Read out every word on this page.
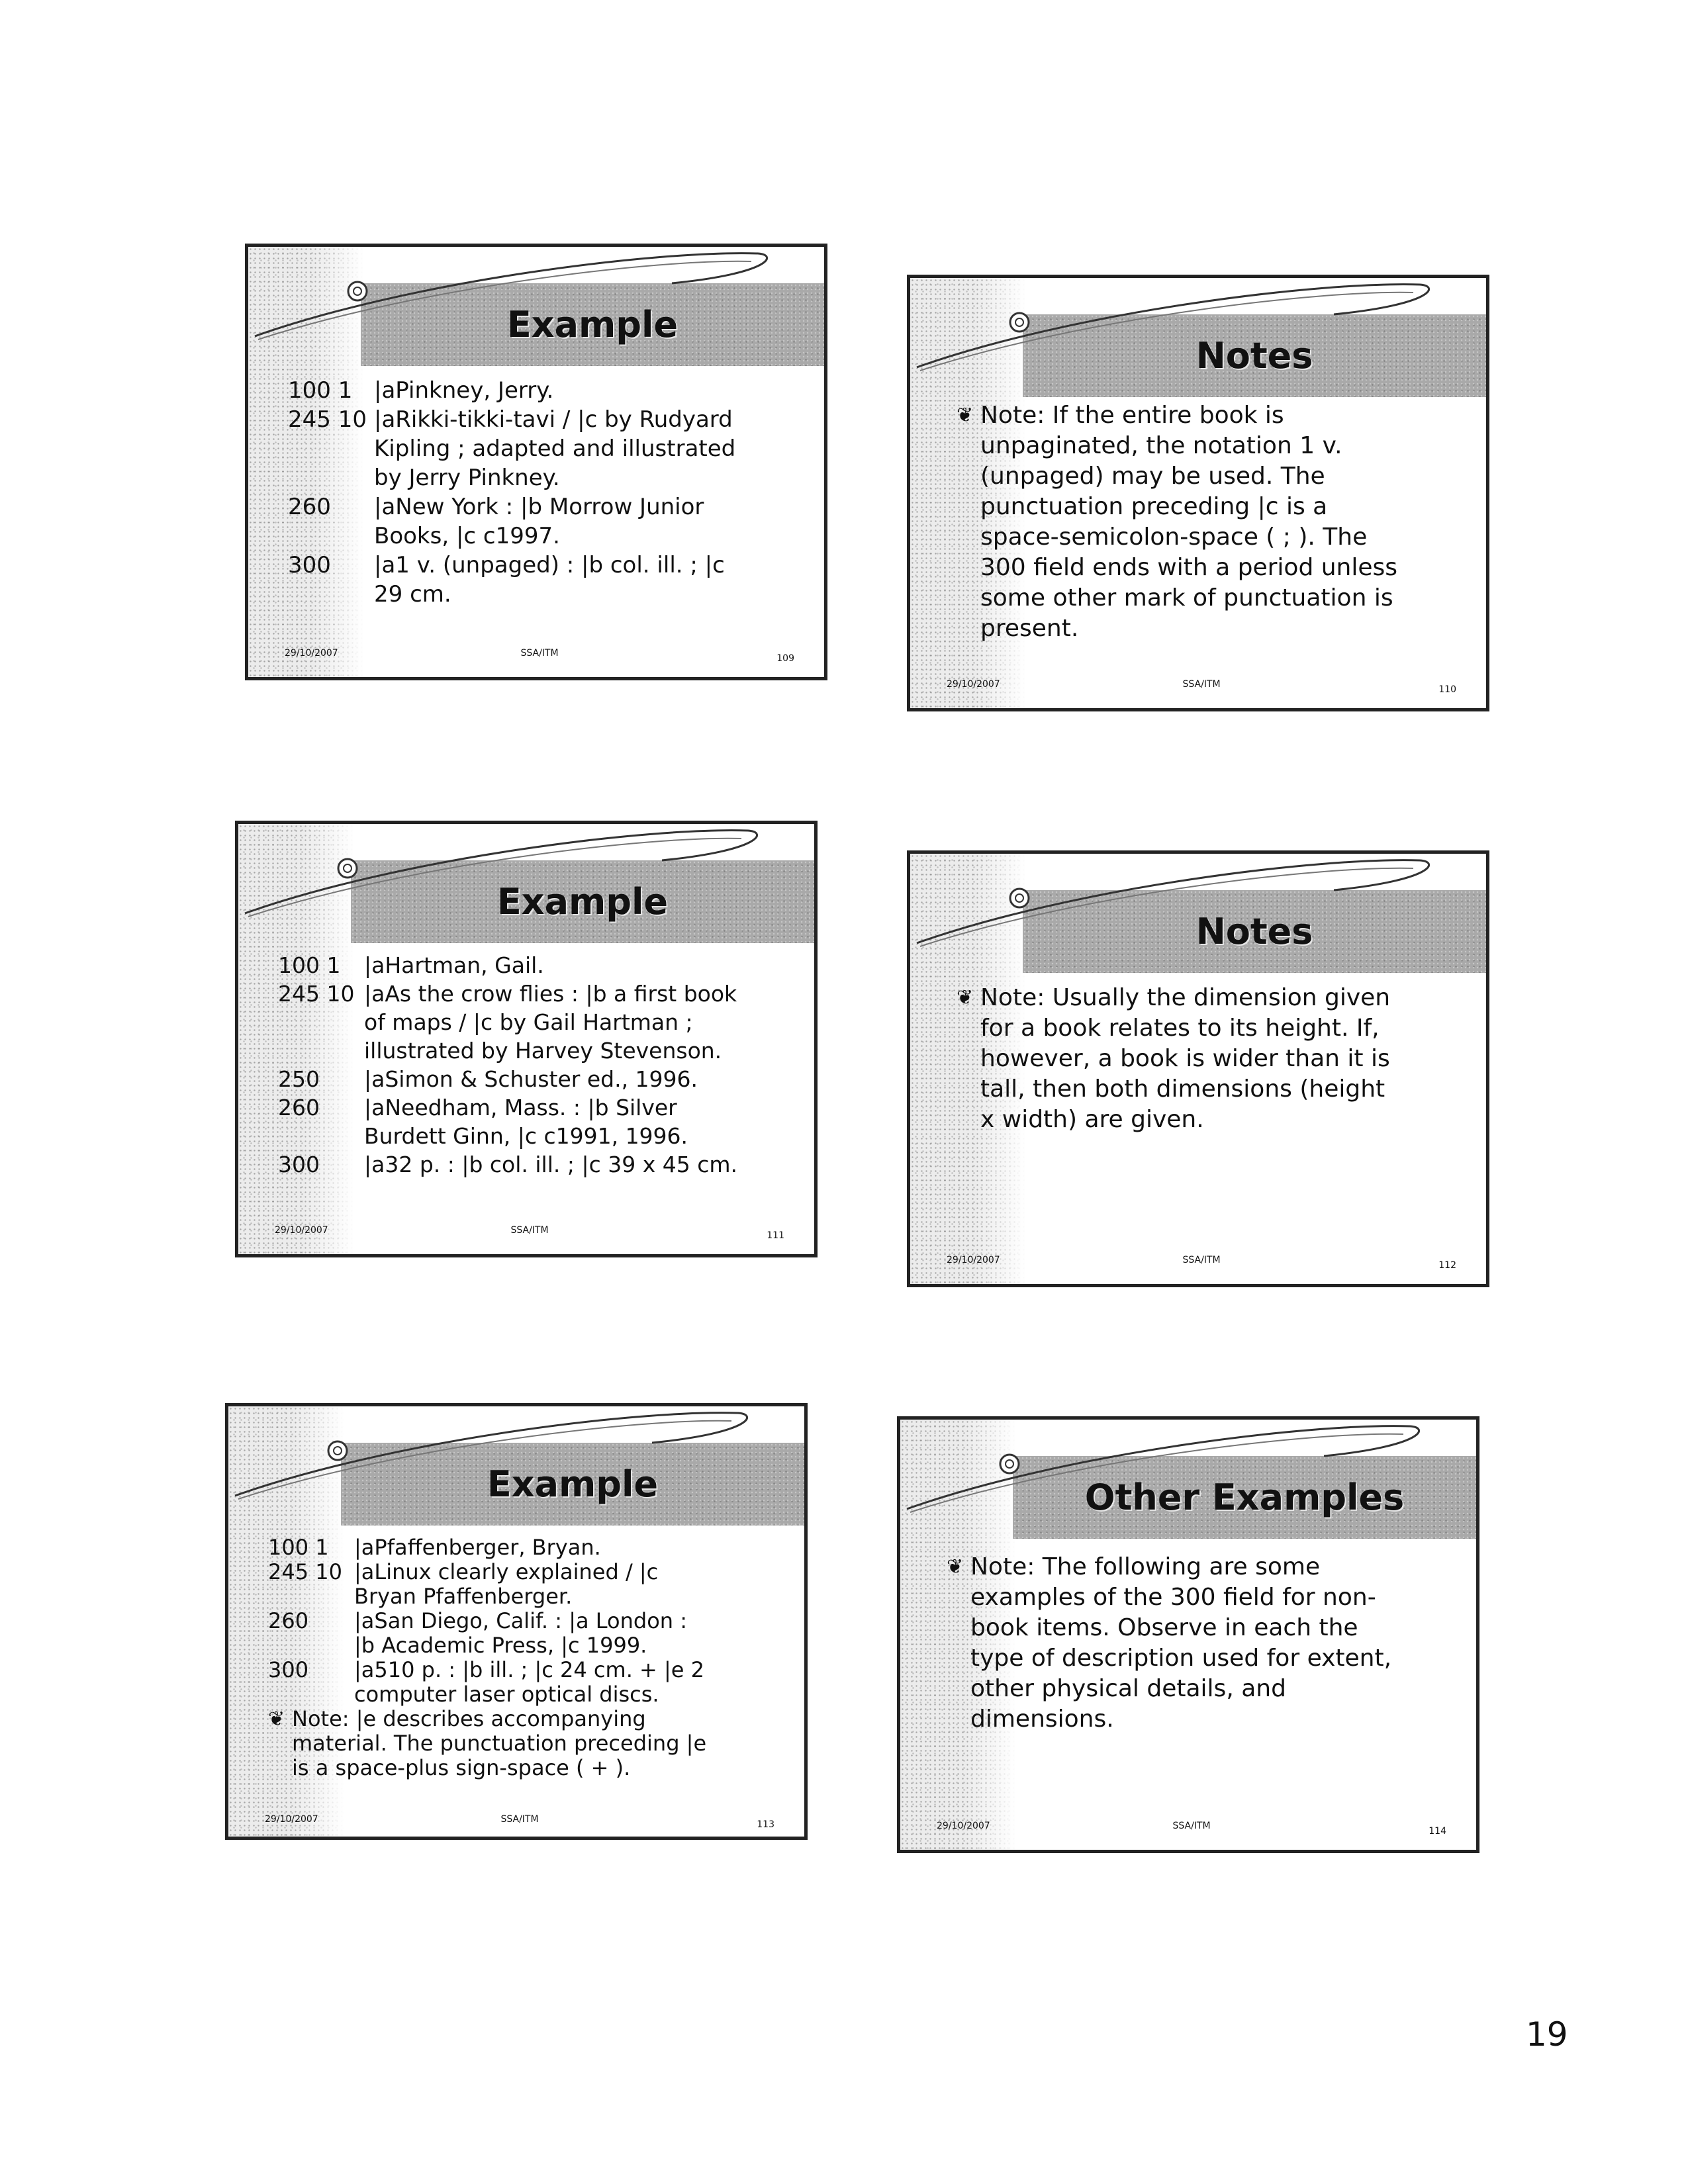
Example
100 1 |aPinkney, Jerry.
245 10 |aRikki-tikki-tavi / |c by Rudyard
Kipling ; adapted and illustrated
by Jerry Pinkney.
260	|aNew York : |b Morrow Junior
Books, |c c1997.
300	|a1 v. (unpaged) : |b col. ill. ; |c
29 cm.
29/10/2007	SSA/ITM	109
Notes
❦ Note: If the entire book is
unpaginated, the notation 1 v.
(unpaged) may be used. The
punctuation preceding |c is a
space-semicolon-space ( ; ). The
300 field ends with a period unless
some other mark of punctuation is
present.
29/10/2007	SSA/ITM	110
Example
100 1	|aHartman, Gail.
245 10 |aAs the crow flies : |b a first book
of maps / |c by Gail Hartman ;
illustrated by Harvey Stevenson.
250	|aSimon & Schuster ed., 1996.
260	|aNeedham, Mass. : |b Silver
Burdett Ginn, |c c1991, 1996.
300	|a32 p. : |b col. ill. ; |c 39 x 45 cm.
29/10/2007	SSA/ITM	111
Notes
❦ Note: Usually the dimension given
for a book relates to its height. If,
however, a book is wider than it is
tall, then both dimensions (height
x width) are given.
29/10/2007	SSA/ITM	112
Example
100 1	|aPfaffenberger, Bryan.
245 10 |aLinux clearly explained / |c
Bryan Pfaffenberger.
260	|aSan Diego, Calif. : |a London :
|b Academic Press, |c 1999.
300	|a510 p. : |b ill. ; |c 24 cm. + |e 2
computer laser optical discs.
❦ Note: |e describes accompanying
material. The punctuation preceding |e
is a space-plus sign-space ( + ).
29/10/2007	SSA/ITM	113
Other Examples
❦ Note: The following are some
examples of the 300 field for non-
book items. Observe in each the
type of description used for extent,
other physical details, and
dimensions.
29/10/2007	SSA/ITM	114
19
